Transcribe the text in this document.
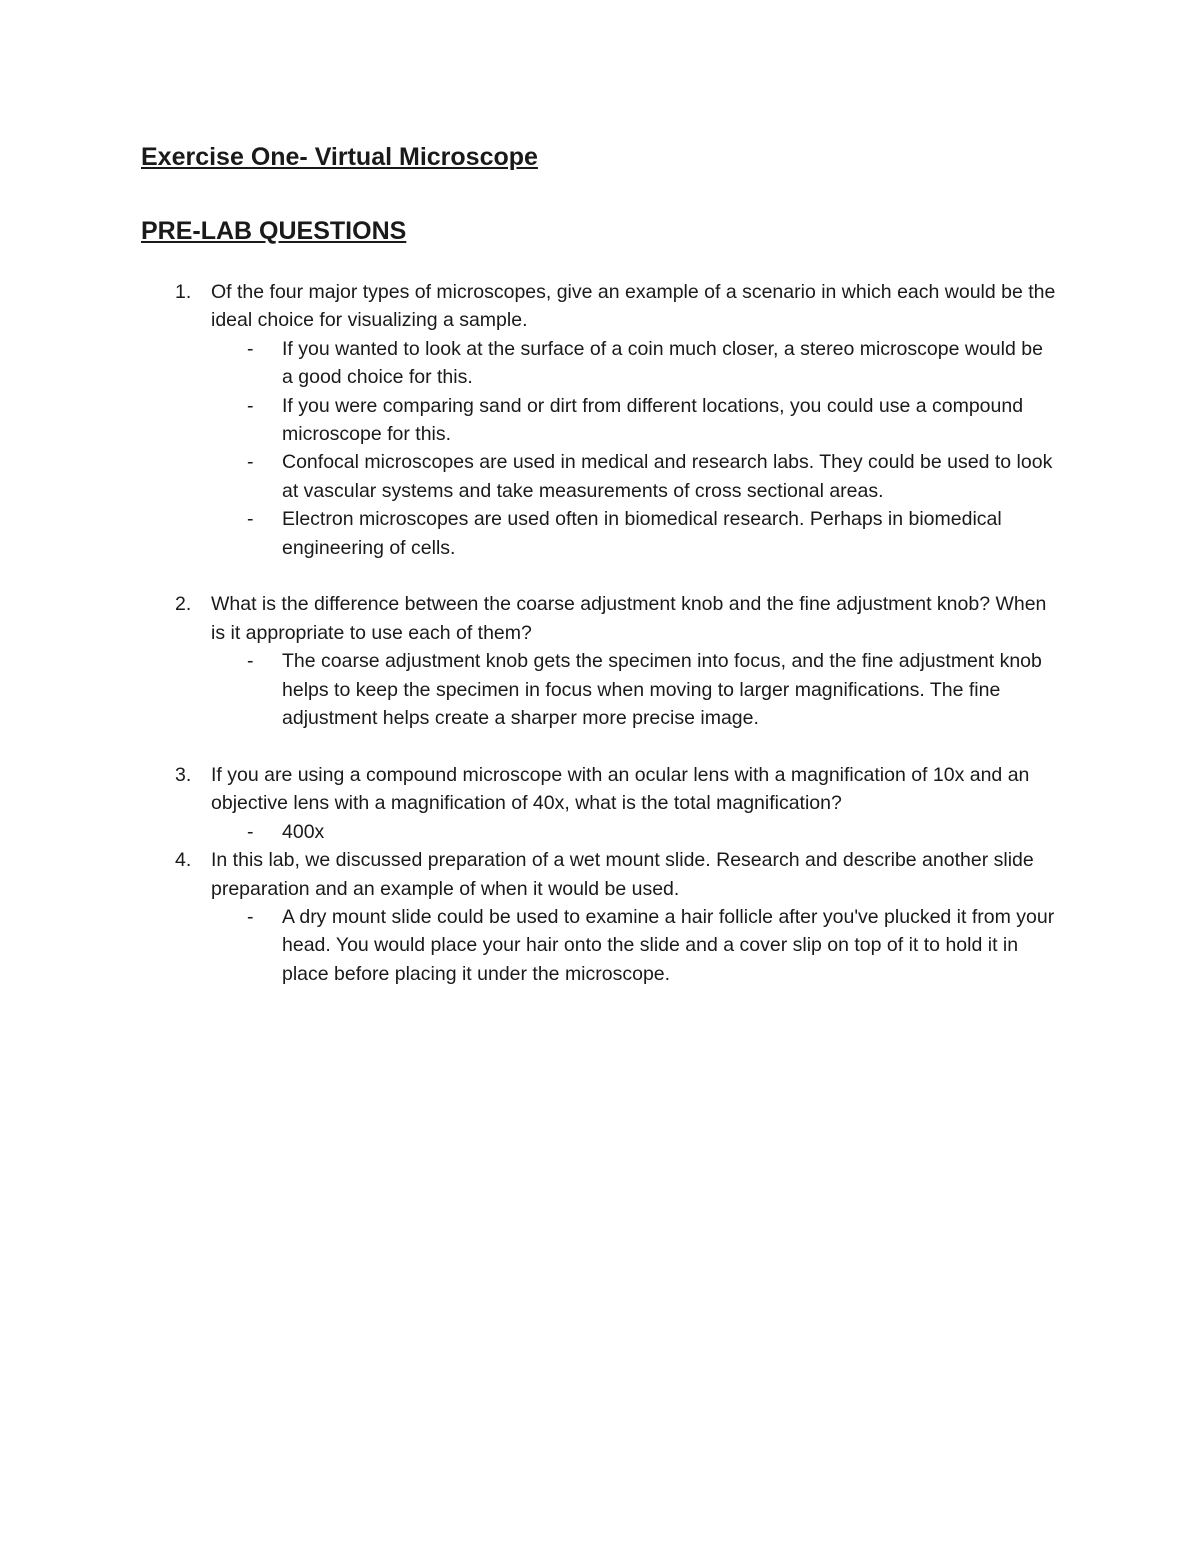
Exercise One- Virtual Microscope
PRE-LAB QUESTIONS
1. Of the four major types of microscopes, give an example of a scenario in which each would be the ideal choice for visualizing a sample.
- If you wanted to look at the surface of a coin much closer, a stereo microscope would be a good choice for this.
- If you were comparing sand or dirt from different locations, you could use a compound microscope for this.
- Confocal microscopes are used in medical and research labs. They could be used to look at vascular systems and take measurements of cross sectional areas.
- Electron microscopes are used often in biomedical research. Perhaps in biomedical engineering of cells.
2. What is the difference between the coarse adjustment knob and the fine adjustment knob? When is it appropriate to use each of them?
- The coarse adjustment knob gets the specimen into focus, and the fine adjustment knob helps to keep the specimen in focus when moving to larger magnifications. The fine adjustment helps create a sharper more precise image.
3. If you are using a compound microscope with an ocular lens with a magnification of 10x and an objective lens with a magnification of 40x, what is the total magnification?
- 400x
4. In this lab, we discussed preparation of a wet mount slide. Research and describe another slide preparation and an example of when it would be used.
- A dry mount slide could be used to examine a hair follicle after you've plucked it from your head. You would place your hair onto the slide and a cover slip on top of it to hold it in place before placing it under the microscope.
